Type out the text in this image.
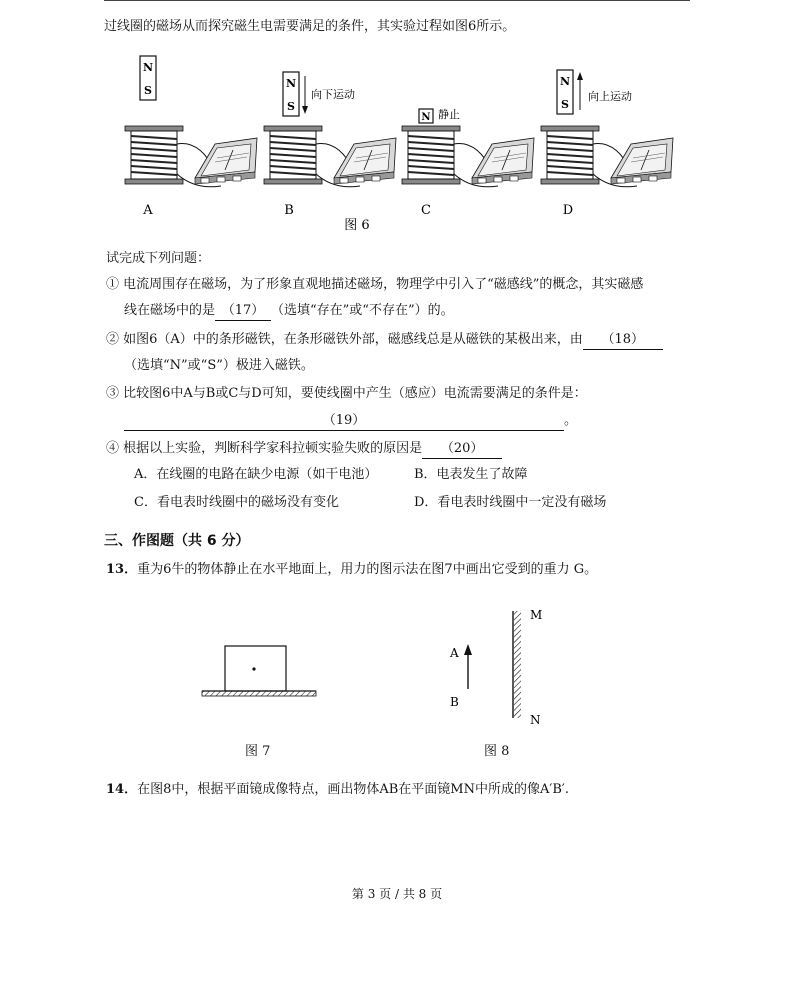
过线圈的磁场从而探究磁生电需要满足的条件，其实验过程如图6所示。
N
S
A
N
S
向下运动
B
N 静止
C
N
S
向上运动
D
图 6
试完成下列问题：
① 电流周围存在磁场，为了形象直观地描述磁场，物理学中引入了“磁感线”的概念，其实磁感
线在磁场中的是 （17） （选填“存在”或“不存在”）的。
② 如图6（A）中的条形磁铁，在条形磁铁外部，磁感线总是从磁铁的某极出来，由 （18）
（选填“N”或“S”）极进入磁铁。
③ 比较图6中A与B或C与D可知，要使线圈中产生（感应）电流需要满足的条件是：
（19）	。
④ 根据以上实验，判断科学家科拉顿实验失败的原因是 （20）
A．在线圈的电路在缺少电源（如干电池）	B．电表发生了故障
C．看电表时线圈中的磁场没有变化	D．看电表时线圈中一定没有磁场
三、作图题（共 6 分）
13．重为6牛的物体静止在水平地面上，用力的图示法在图7中画出它受到的重力 G。
图 7
M
N
A
B
图 8
14．在图8中，根据平面镜成像特点，画出物体AB在平面镜MN中所成的像A′B′.
第 3 页 / 共 8 页
